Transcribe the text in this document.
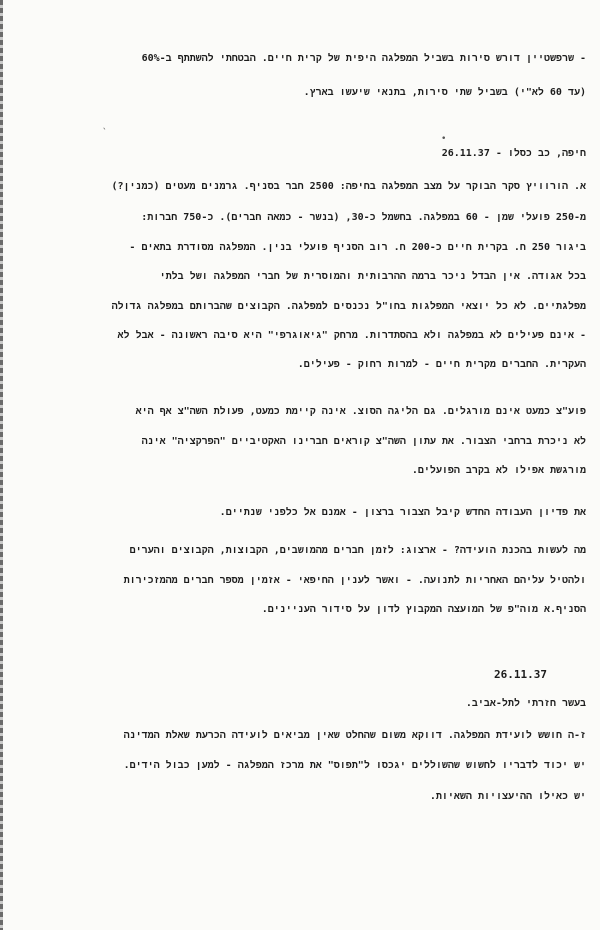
`
•
- שרפשטיין דורש סירות בשביל המפלגה היפית של קרית חיים. הבטחתי להשתתף ב-60%
(עד 60 לא"י) בשביל שתי סירות, בתנאי שיעשו בארץ.
חיפה, כב כסלו - 26.11.37
א. הורוויץ סקר הבוקר על מצב המפלגה בחיפה: 2500 חבר בסניף. גרמנים מעטים (כמנין?)
מ-250 פועלי שמן - 60 במפלגה. בחשמל כ-30, (בנשר - כמאה חברים). כ-750 חברות:
ביגור 250 ח. בקרית חיים כ-200 ח. רוב הסניף פועלי בנין. המפלגה מסודרת בתאים -
בכל אגודה. אין הבדל ניכר ברמה ההרבותית והמוסרית של חברי המפלגה ושל בלתי
מפלגתיים. לא כל יוצאי המפלגות בחו"ל נכנסים למפלגה. הקבוצים שהברותם במפלגה גדולה
- אינם פעילים לא במפלגה ולא בהסתדרות. מרחק "גיאוגרפי" היא סיבה ראשונה - אבל לא
העקרית. החברים מקרית חיים - למרות רחוק - פעילים.
פוע"צ כמעט אינם מורגלים. גם הליגה הסוצ. אינה קיימת כמעט, פעולת השה"צ אף היא
לא ניכרת ברחבי הצבור. את עתון השה"צ קוראים חברינו האקטיביים "הפרקציה" אינה
מורגשת אפילו לא בקרב הפועלים.
את פדיון העבודה החדש קיבל הצבור ברצון - אמנם אל כלפני שנתיים.
מה לעשות בהכנת הועידה? - ארצוג: לזמן חברים מהמושבים, הקבוצות, הקבוצים והערים
ולהטיל עליהם האחריות לתנועה. - ואשר לענין החיפאי - אזמין מספר חברים מהמזכירות
הסניף.א מוה"פ של המועצה המקבוץ לדון על סידור העניינים.
26.11.37
בעשר חזרתי לתל-אביב.
ז-ה חושש לועידת המפלגה. דווקא משום שהחלט שאין מביאים לועידה הכרעת שאלת המדינה
יש יכוד לדבריו לחשוש שהשוללים יגכסו ל"תפוס" את מרכז המפלגה - למען כבול הידים.
יש כאילו ההיעצויות השאיות.
